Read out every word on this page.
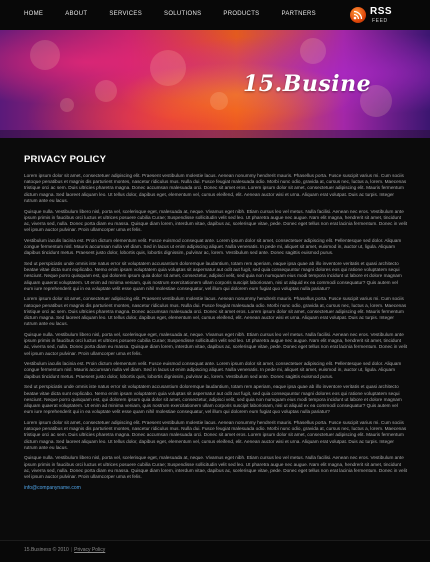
HOME	ABOUT	SERVICES	SOLUTIONS	PRODUCTS	PARTNERS	RSS
FEED
15.Busine
PRIVACY POLICY

Lorem ipsum dolor sit amet, consectetuer adipiscing elit. Praesent vestibulum molestie lacus. Aenean nonummy hendrerit mauris. Phasellus porta. Fusce suscipit varius mi. Cum sociis natoque penatibus et magnis dis parturient montes, nascetur ridiculus mus. Nulla dui. Fusce feugiat malesuada odio. Morbi nunc odio, gravida at, cursus nec, luctus a, lorem. Maecenas tristique orci ac sem. Duis ultricies pharetra magna. Donec accumsan malesuada orci. Donec sit amet eros. Lorem ipsum dolor sit amet, consectetuer adipiscing elit. Mauris fermentum dictum magna. Sed laoreet aliquam leo. Ut tellus dolor, dapibus eget, elementum vel, cursus eleifend, elit. Aenean auctor wisi et urna. Aliquam erat volutpat. Duis ac turpis. Integer rutrum ante eu lacus.

Quisque nulla. Vestibulum libero nisl, porta vel, scelerisque eget, malesuada at, neque. Vivamus eget nibh. Etiam cursus leo vel metus. Nulla facilisi. Aenean nec eros. Vestibulum ante ipsum primis in faucibus orci luctus et ultrices posuere cubilia Curae; Suspendisse sollicitudin velit sed leo. Ut pharetra augue nec augue. Nam elit magna, hendrerit sit amet, tincidunt ac, viverra sed, nulla. Donec porta diam eu massa. Quisque diam lorem, interdum vitae, dapibus ac, scelerisque vitae, pede. Donec eget tellus non erat lacinia fermentum. Donec in velit vel ipsum auctor pulvinar. Proin ullamcorper urna et felis.

Vestibulum iaculis lacinia est. Proin dictum elementum velit. Fusce euismod consequat ante. Lorem ipsum dolor sit amet, consectetuer adipiscing elit. Pellentesque sed dolor. Aliquam congue fermentum nisl. Mauris accumsan nulla vel diam. Sed in lacus ut enim adipiscing aliquet. Nulla venenatis. In pede mi, aliquet sit amet, euismod in, auctor ut, ligula. Aliquam dapibus tincidunt metus. Praesent justo dolor, lobortis quis, lobortis dignissim, pulvinar ac, lorem. Vestibulum sed ante. Donec sagittis euismod purus.

Sed ut perspiciatis unde omnis iste natus error sit voluptatem accusantium doloremque laudantium, totam rem aperiam, eaque ipsa quae ab illo inventore veritatis et quasi architecto beatae vitae dicta sunt explicabo. Nemo enim ipsam voluptatem quia voluptas sit aspernatur aut odit aut fugit, sed quia consequuntur magni dolores eos qui ratione voluptatem sequi nesciunt. Neque porro quisquam est, qui dolorem ipsum quia dolor sit amet, consectetur, adipisci velit, sed quia non numquam eius modi tempora incidunt ut labore et dolore magnam aliquam quaerat voluptatem. Ut enim ad minima veniam, quis nostrum exercitationem ullam corporis suscipit laboriosam, nisi ut aliquid ex ea commodi consequatur? Quis autem vel eum iure reprehenderit qui in ea voluptate velit esse quam nihil molestiae consequatur, vel illum qui dolorem eum fugiat quo voluptas nulla pariatur?

Lorem ipsum dolor sit amet, consectetuer adipiscing elit. Praesent vestibulum molestie lacus. Aenean nonummy hendrerit mauris. Phasellus porta. Fusce suscipit varius mi. Cum sociis natoque penatibus et magnis dis parturient montes, nascetur ridiculus mus. Nulla dui. Fusce feugiat malesuada odio. Morbi nunc odio, gravida at, cursus nec, luctus a, lorem. Maecenas tristique orci ac sem. Duis ultricies pharetra magna. Donec accumsan malesuada orci. Donec sit amet eros. Lorem ipsum dolor sit amet, consectetuer adipiscing elit. Mauris fermentum dictum magna. Sed laoreet aliquam leo. Ut tellus dolor, dapibus eget, elementum vel, cursus eleifend, elit. Aenean auctor wisi et urna. Aliquam erat volutpat. Duis ac turpis. Integer rutrum ante eu lacus.

Quisque nulla. Vestibulum libero nisl, porta vel, scelerisque eget, malesuada at, neque. Vivamus eget nibh. Etiam cursus leo vel metus. Nulla facilisi. Aenean nec eros. Vestibulum ante ipsum primis in faucibus orci luctus et ultrices posuere cubilia Curae; Suspendisse sollicitudin velit sed leo. Ut pharetra augue nec augue. Nam elit magna, hendrerit sit amet, tincidunt ac, viverra sed, nulla. Donec porta diam eu massa. Quisque diam lorem, interdum vitae, dapibus ac, scelerisque vitae, pede. Donec eget tellus non erat lacinia fermentum. Donec in velit vel ipsum auctor pulvinar. Proin ullamcorper urna et felis.

Vestibulum iaculis lacinia est. Proin dictum elementum velit. Fusce euismod consequat ante. Lorem ipsum dolor sit amet, consectetuer adipiscing elit. Pellentesque sed dolor. Aliquam congue fermentum nisl. Mauris accumsan nulla vel diam. Sed in lacus ut enim adipiscing aliquet. Nulla venenatis. In pede mi, aliquet sit amet, euismod in, auctor ut, ligula. Aliquam dapibus tincidunt metus. Praesent justo dolor, lobortis quis, lobortis dignissim, pulvinar ac, lorem. Vestibulum sed ante. Donec sagittis euismod purus.

Sed ut perspiciatis unde omnis iste natus error sit voluptatem accusantium doloremque laudantium, totam rem aperiam, eaque ipsa quae ab illo inventore veritatis et quasi architecto beatae vitae dicta sunt explicabo. Nemo enim ipsam voluptatem quia voluptas sit aspernatur aut odit aut fugit, sed quia consequuntur magni dolores eos qui ratione voluptatem sequi nesciunt. Neque porro quisquam est, qui dolorem ipsum quia dolor sit amet, consectetur, adipisci velit, sed quia non numquam eius modi tempora incidunt ut labore et dolore magnam aliquam quaerat voluptatem. Ut enim ad minima veniam, quis nostrum exercitationem ullam corporis suscipit laboriosam, nisi ut aliquid ex ea commodi consequatur? Quis autem vel eum iure reprehenderit qui in ea voluptate velit esse quam nihil molestiae consequatur, vel illum qui dolorem eum fugiat quo voluptas nulla pariatur?

Lorem ipsum dolor sit amet, consectetuer adipiscing elit. Praesent vestibulum molestie lacus. Aenean nonummy hendrerit mauris. Phasellus porta. Fusce suscipit varius mi. Cum sociis natoque penatibus et magnis dis parturient montes, nascetur ridiculus mus. Nulla dui. Fusce feugiat malesuada odio. Morbi nunc odio, gravida at, cursus nec, luctus a, lorem. Maecenas tristique orci ac sem. Duis ultricies pharetra magna. Donec accumsan malesuada orci. Donec sit amet eros. Lorem ipsum dolor sit amet, consectetuer adipiscing elit. Mauris fermentum dictum magna. Sed laoreet aliquam leo. Ut tellus dolor, dapibus eget, elementum vel, cursus eleifend, elit. Aenean auctor wisi et urna. Aliquam erat volutpat. Duis ac turpis. Integer rutrum ante eu lacus.

Quisque nulla. Vestibulum libero nisl, porta vel, scelerisque eget, malesuada at, neque. Vivamus eget nibh. Etiam cursus leo vel metus. Nulla facilisi. Aenean nec eros. Vestibulum ante ipsum primis in faucibus orci luctus et ultrices posuere cubilia Curae; Suspendisse sollicitudin velit sed leo. Ut pharetra augue nec augue. Nam elit magna, hendrerit sit amet, tincidunt ac, viverra sed, nulla. Donec porta diam eu massa. Quisque diam lorem, interdum vitae, dapibus ac, scelerisque vitae, pede. Donec eget tellus non erat lacinia fermentum. Donec in velit vel ipsum auctor pulvinar. Proin ullamcorper urna et felis.

info@companyname.com
15.Business © 2010 | Privacy Policy
